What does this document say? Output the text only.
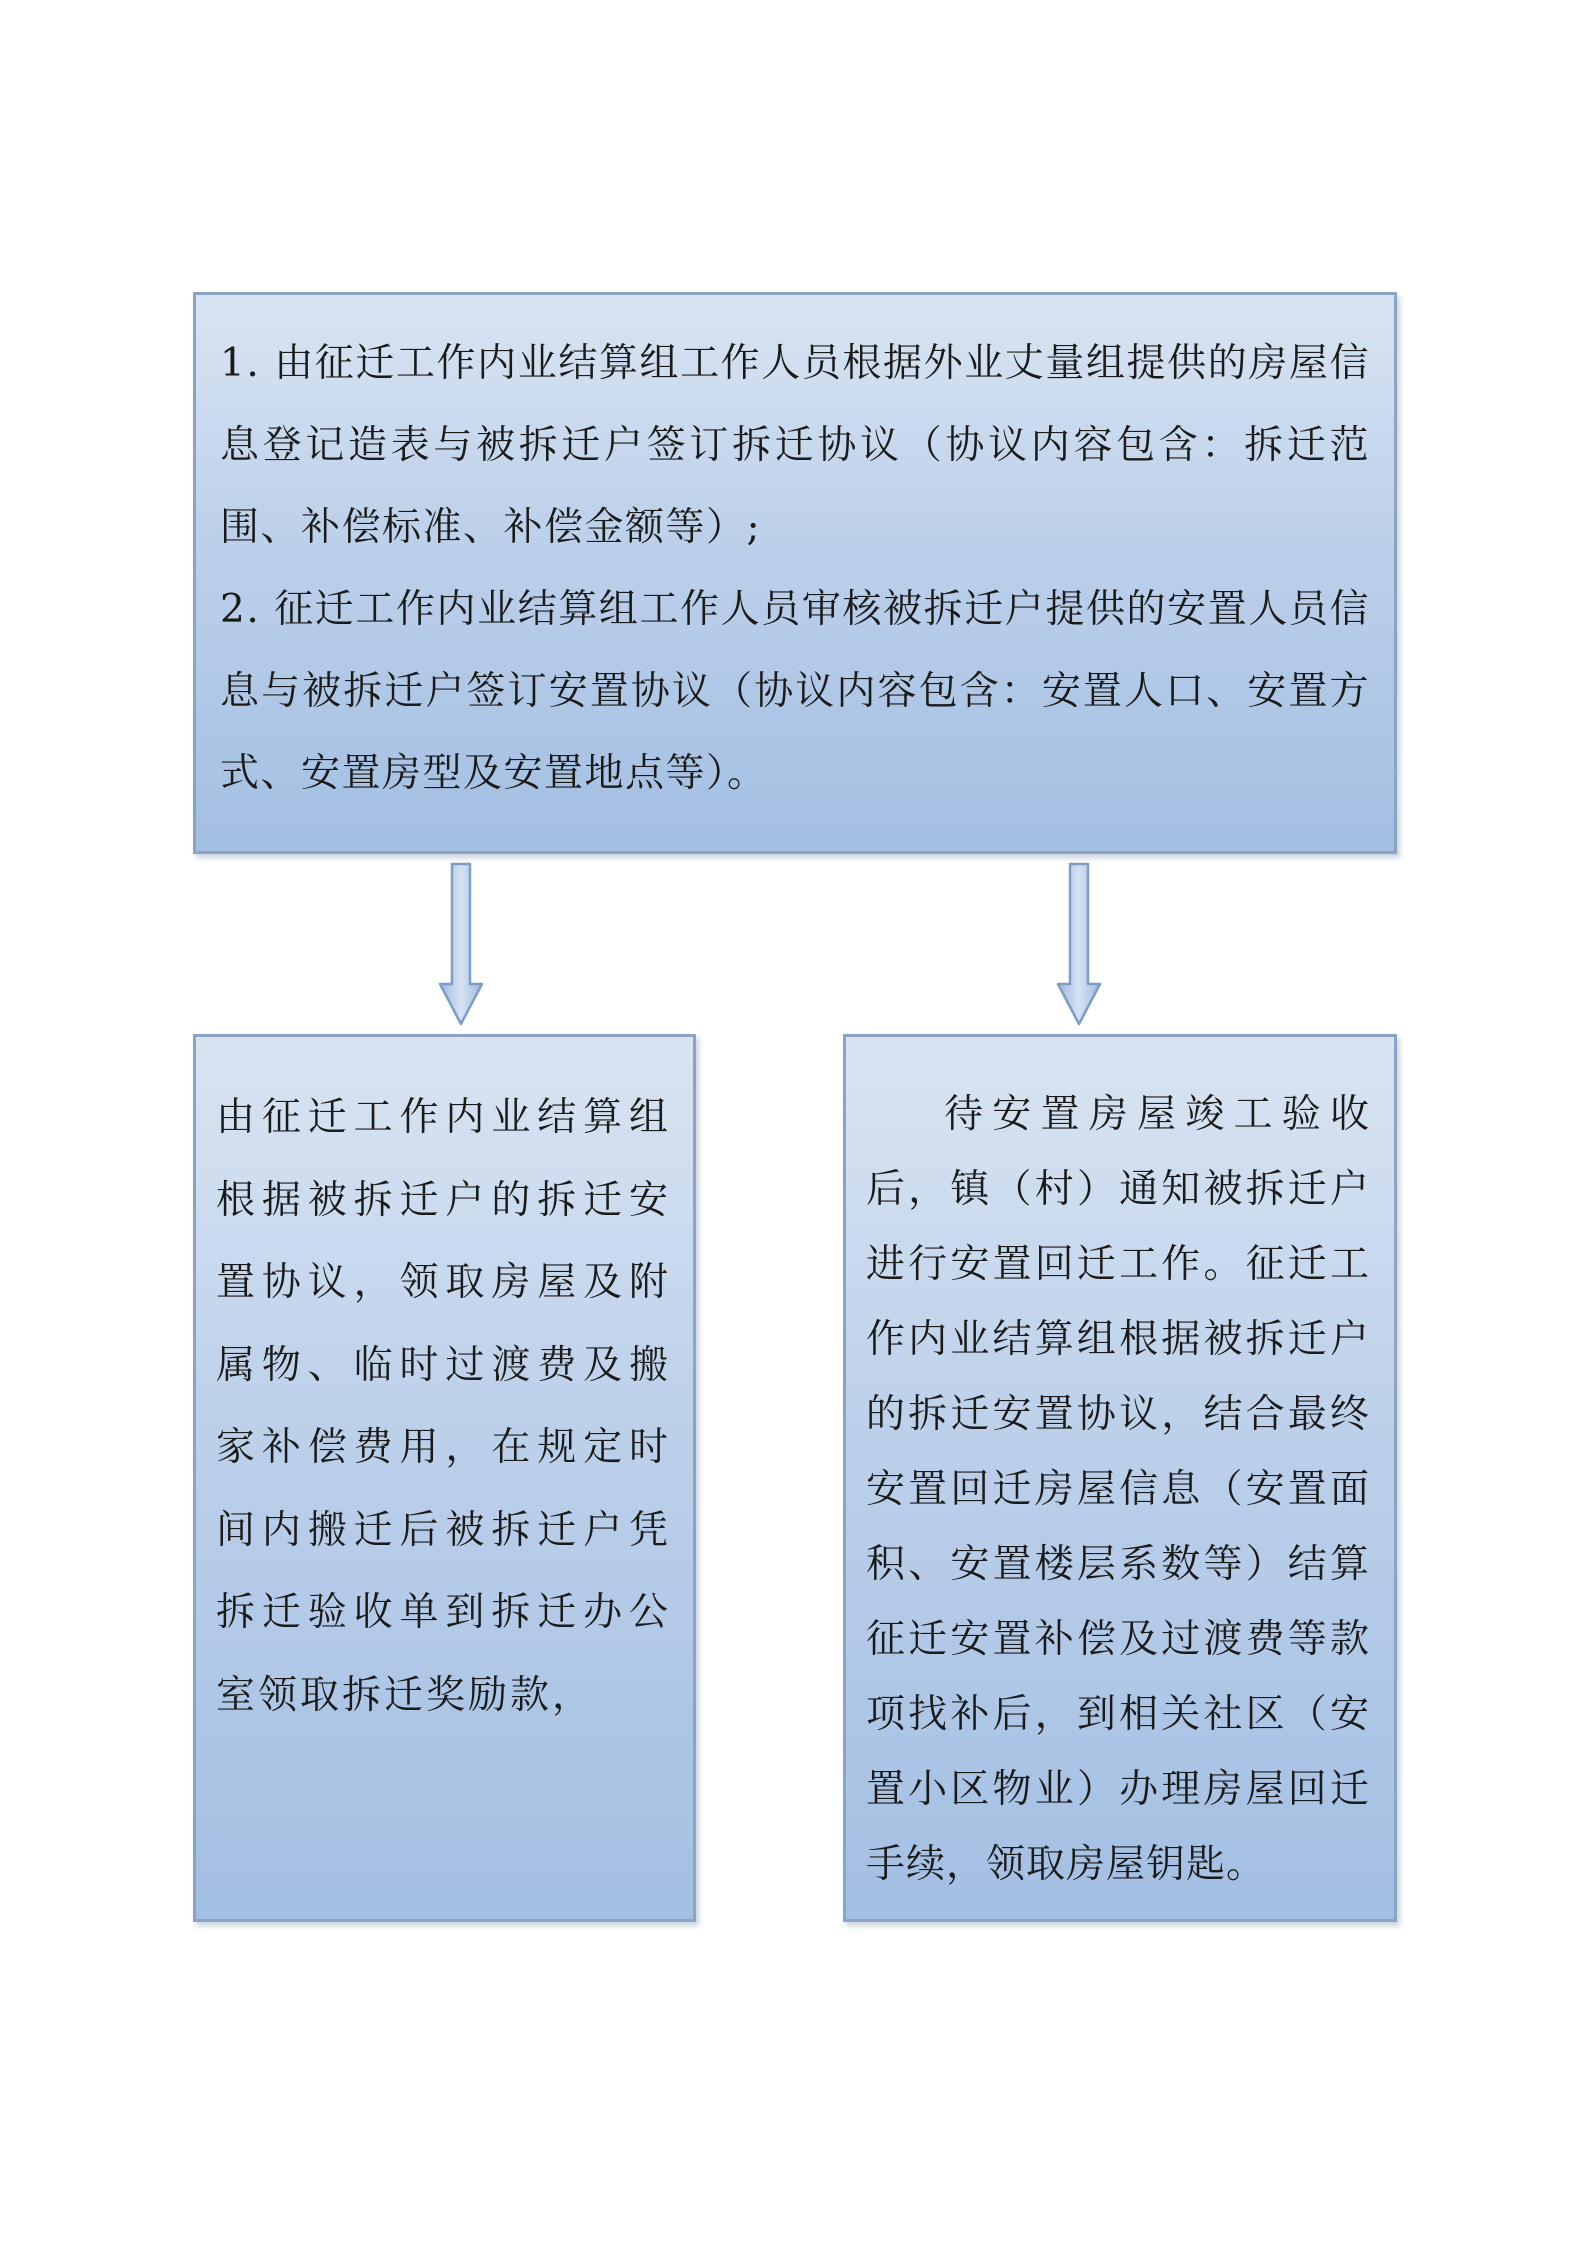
1. 由征迁工作内业结算组工作人员根据外业丈量组提供的房屋信息登记造表与被拆迁户签订拆迁协议（协议内容包含：拆迁范围、补偿标准、补偿金额等）;

2. 征迁工作内业结算组工作人员审核被拆迁户提供的安置人员信息与被拆迁户签订安置协议（协议内容包含：安置人口、安置方式、安置房型及安置地点等）。

由征迁工作内业结算组根据被拆迁户的拆迁安置协议，领取房屋及附属物、临时过渡费及搬家补偿费用，在规定时间内搬迁后被拆迁户凭拆迁验收单到拆迁办公室领取拆迁奖励款，

待安置房屋竣工验收后，镇（村）通知被拆迁户进行安置回迁工作。征迁工作内业结算组根据被拆迁户的拆迁安置协议，结合最终安置回迁房屋信息（安置面积、安置楼层系数等）结算征迁安置补偿及过渡费等款项找补后，到相关社区（安置小区物业）办理房屋回迁手续，领取房屋钥匙。
